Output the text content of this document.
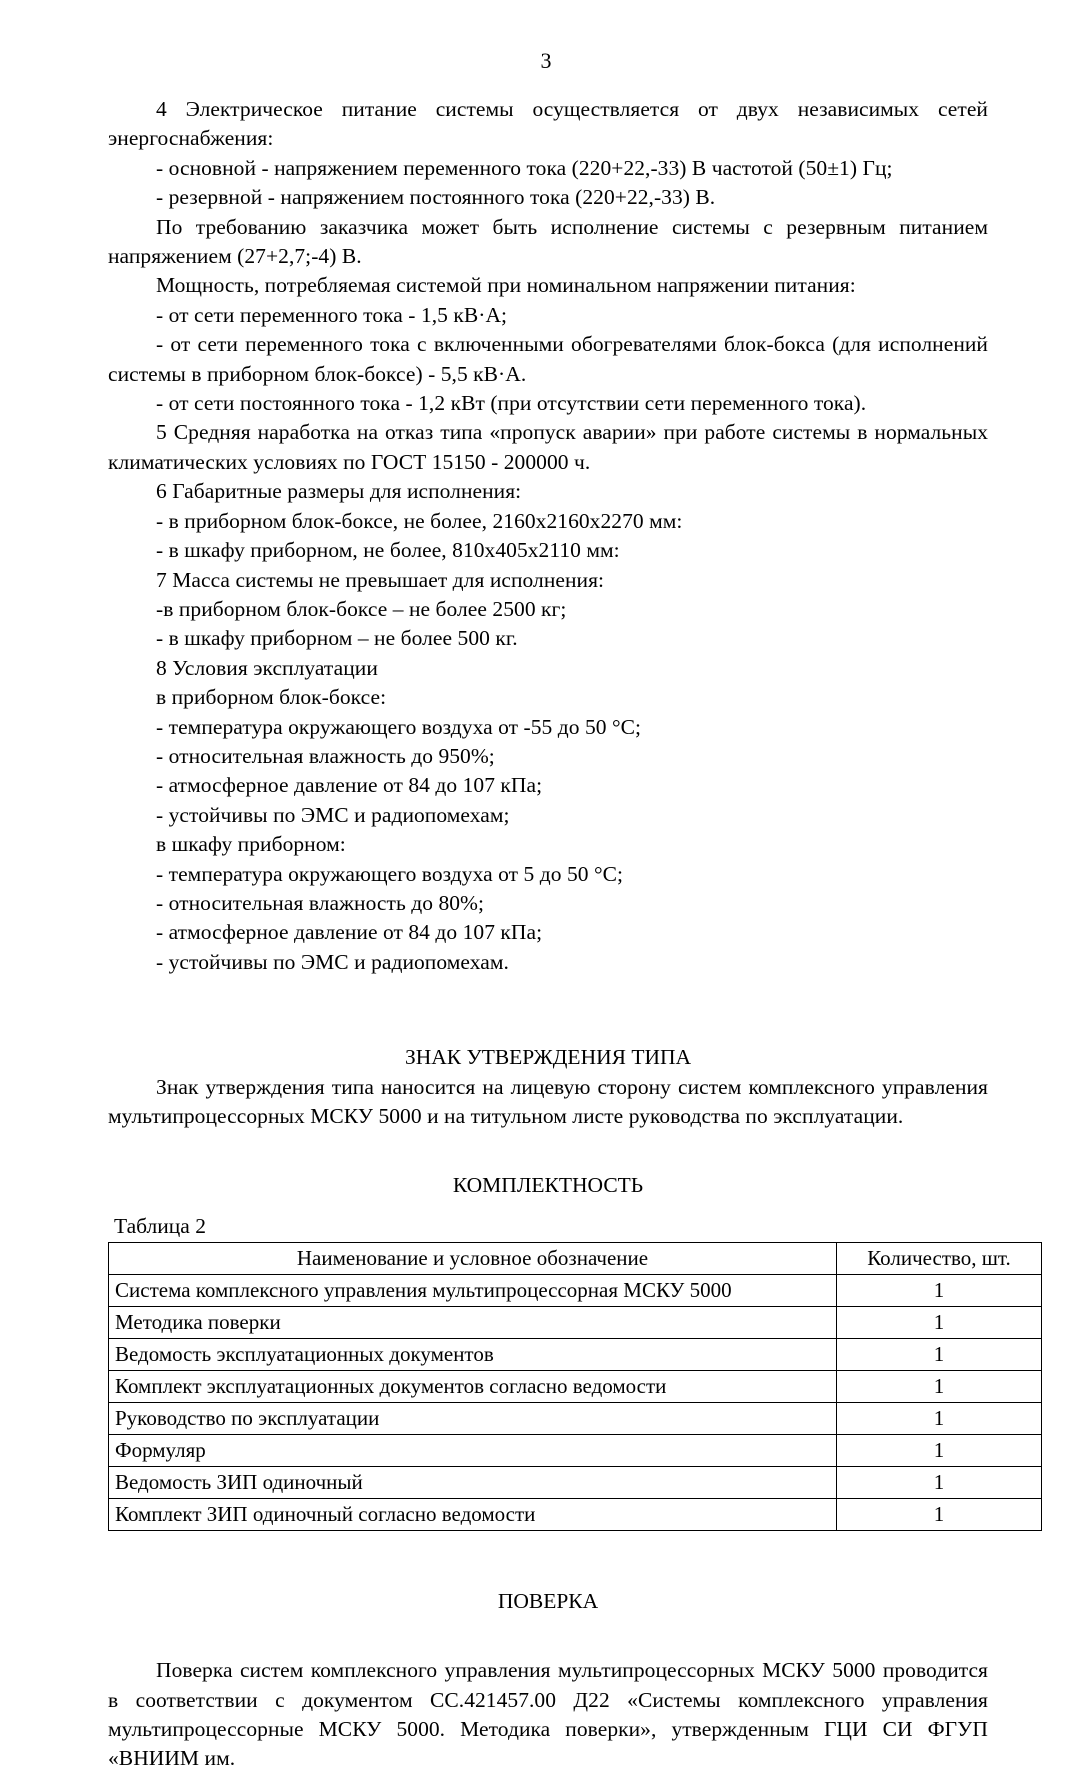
3

4 Электрическое питание системы осуществляется от двух независимых сетей энергоснабжения:

- основной - напряжением переменного тока (220+22,-33) В частотой (50±1) Гц;

- резервной - напряжением постоянного тока (220+22,-33) В.

По требованию заказчика может быть исполнение системы с резервным питанием напряжением (27+2,7;-4) В.

Мощность, потребляемая системой при номинальном напряжении питания:

- от сети переменного тока - 1,5 кВ·А;

- от сети переменного тока с включенными обогревателями блок-бокса (для исполнений системы в приборном блок-боксе) - 5,5 кВ·А.

- от сети постоянного тока - 1,2 кВт (при отсутствии сети переменного тока).

5 Средняя наработка на отказ типа «пропуск аварии» при работе системы в нормальных климатических условиях по ГОСТ 15150 - 200000 ч.

6 Габаритные размеры для исполнения:

- в приборном блок-боксе, не более, 2160х2160х2270 мм:

- в шкафу приборном, не более, 810х405х2110 мм:

7 Масса системы не превышает для исполнения:

-в приборном блок-боксе – не более 2500 кг;

- в шкафу приборном – не более 500 кг.

8 Условия эксплуатации

в приборном блок-боксе:

- температура окружающего воздуха от -55 до 50 °С;

- относительная влажность до 950%;

- атмосферное давление от 84 до 107 кПа;

- устойчивы по ЭМС и радиопомехам;

в шкафу приборном:

- температура окружающего воздуха от 5 до 50 °С;

- относительная влажность до 80%;

- атмосферное давление от 84 до 107 кПа;

- устойчивы по ЭМС и радиопомехам.

ЗНАК УТВЕРЖДЕНИЯ ТИПА

Знак утверждения типа наносится на лицевую сторону систем комплексного управления мультипроцессорных МСКУ 5000 и на титульном листе руководства по эксплуатации.

КОМПЛЕКТНОСТЬ

Таблица 2

Наименование и условное обозначение	Количество, шт.
Система комплексного управления мультипроцессорная МСКУ 5000	1
Методика поверки	1
Ведомость эксплуатационных документов	1
Комплект эксплуатационных документов согласно ведомости	1
Руководство по эксплуатации	1
Формуляр	1
Ведомость ЗИП одиночный	1
Комплект ЗИП одиночный согласно ведомости	1
ПОВЕРКА

Поверка систем комплексного управления мультипроцессорных МСКУ 5000 проводится в соответствии с документом СС.421457.00 Д22 «Системы комплексного управления мультипроцессорные МСКУ 5000. Методика поверки», утвержденным ГЦИ СИ ФГУП «ВНИИМ им.
